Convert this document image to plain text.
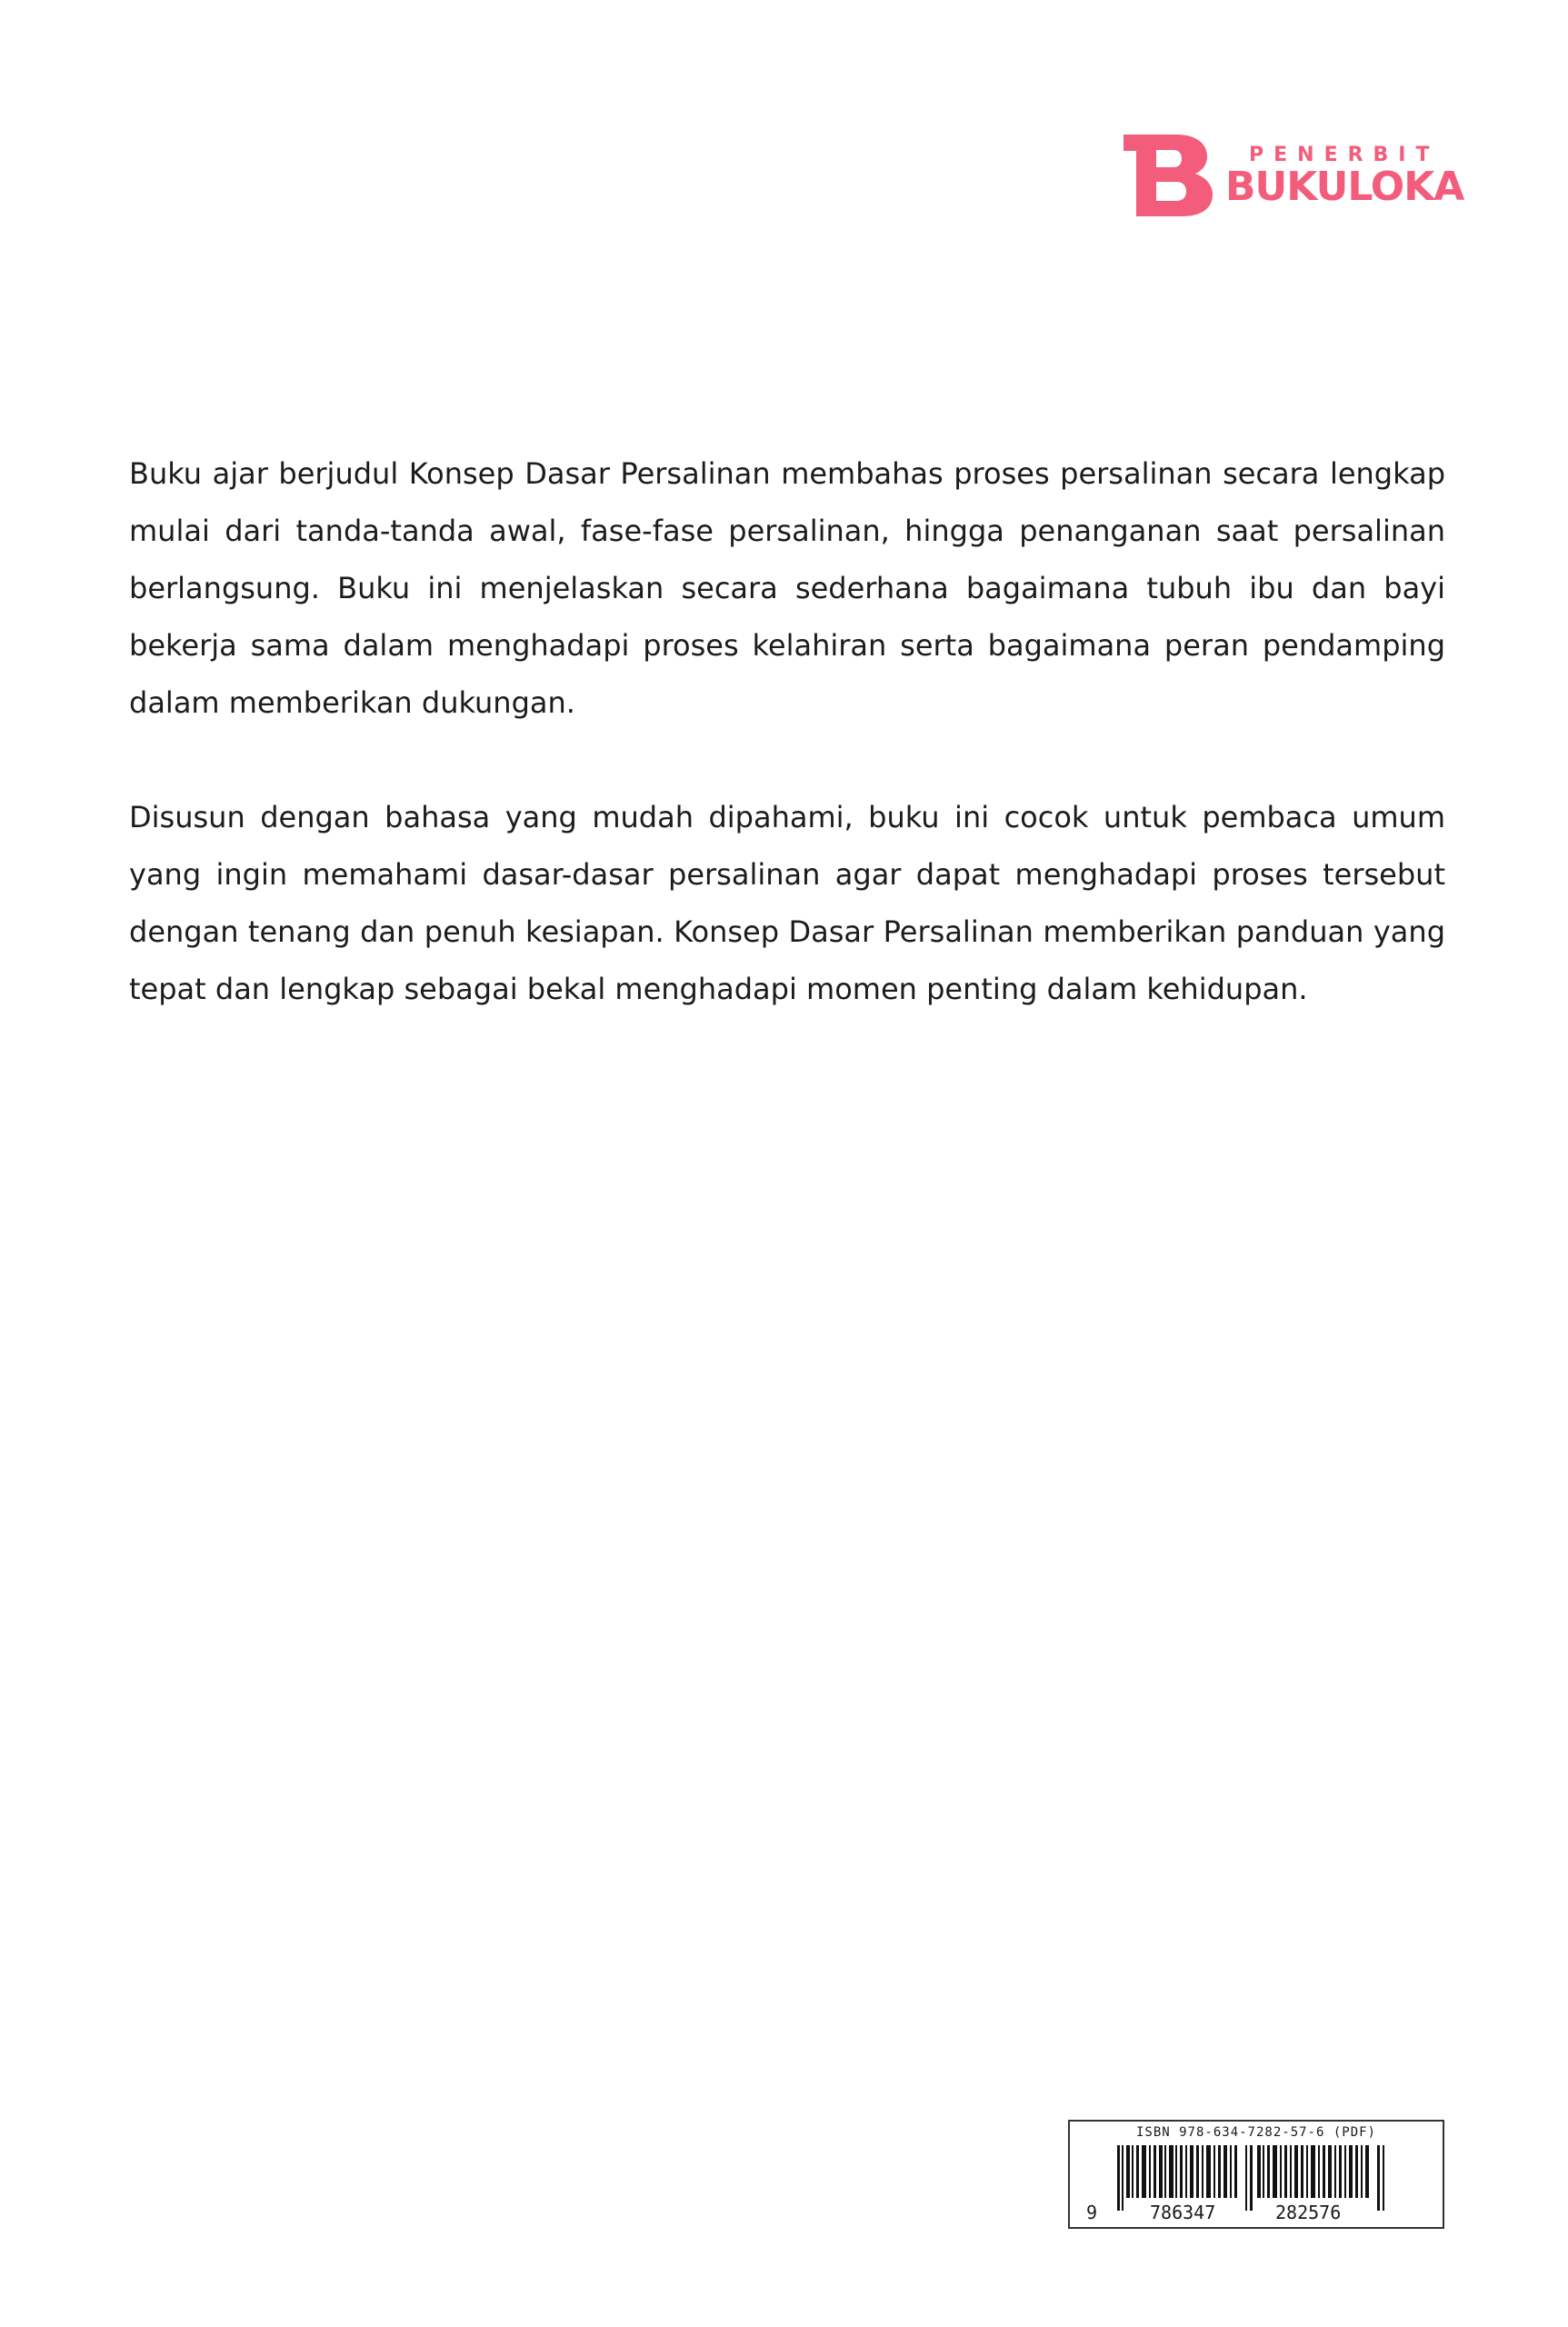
PENERBIT
BUKULOKA

Buku ajar berjudul Konsep Dasar Persalinan membahas proses persalinan secara lengkap mulai dari tanda-tanda awal, fase-fase persalinan, hingga penanganan saat persalinan berlangsung. Buku ini menjelaskan secara sederhana bagaimana tubuh ibu dan bayi bekerja sama dalam menghadapi proses kelahiran serta bagaimana peran pendamping dalam memberikan dukungan.

Disusun dengan bahasa yang mudah dipahami, buku ini cocok untuk pembaca umum yang ingin memahami dasar-dasar persalinan agar dapat menghadapi proses tersebut dengan tenang dan penuh kesiapan. Konsep Dasar Persalinan memberikan panduan yang tepat dan lengkap sebagai bekal menghadapi momen penting dalam kehidupan.

ISBN 978-634-7282-57-6 (PDF)
9	786347	282576
